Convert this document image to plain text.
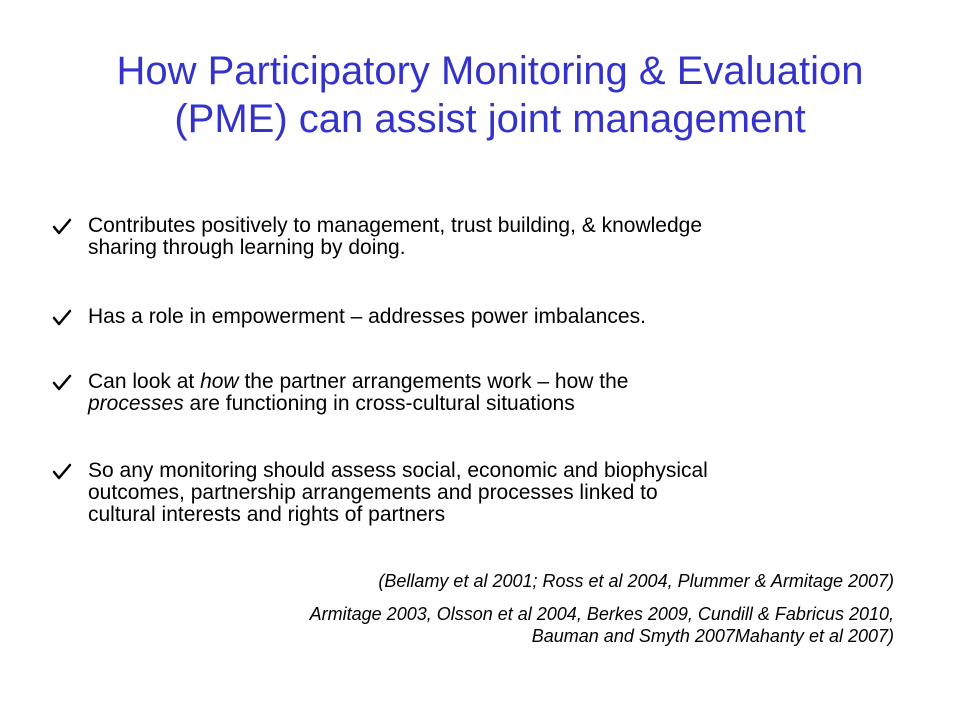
How Participatory Monitoring & Evaluation
(PME) can assist joint management
Contributes positively to management, trust building, & knowledge
sharing through learning by doing.
Has a role in empowerment – addresses power imbalances.
Can look at how the partner arrangements work – how the
processes are functioning in cross-cultural situations
So any monitoring should assess social, economic and biophysical
outcomes, partnership arrangements and processes linked to
cultural interests and rights of partners
(Bellamy et al 2001; Ross et al 2004, Plummer & Armitage 2007)
Armitage 2003, Olsson et al 2004, Berkes 2009, Cundill & Fabricus 2010,
Bauman and Smyth 2007Mahanty et al 2007)
